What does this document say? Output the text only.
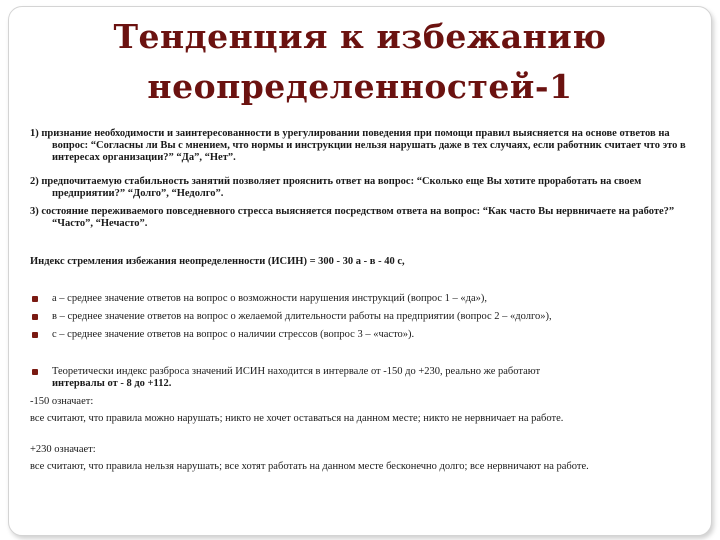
Тенденция к избежанию
неопределенностей-1
1) признание необходимости и заинтересованности в урегулировании поведения при помощи правил выясняется на основе ответов на вопрос: “Согласны ли Вы с мнением, что нормы и инструкции нельзя нарушать даже в тех случаях, если работник считает что это в интересах организации?” “Да”, “Нет”.
2) предпочитаемую стабильность занятий позволяет прояснить ответ на вопрос: “Сколько еще Вы хотите проработать на своем предприятии?” “Долго”, “Недолго”.
3) состояние переживаемого повседневного стресса выясняется посредством ответа на вопрос: “Как часто Вы нервничаете на работе?” “Часто”, “Нечасто”.
Индекс стремления избежания неопределенности (ИСИН) = 300 - 30 а - в - 40 с,
а – среднее значение ответов на вопрос о возможности нарушения инструкций (вопрос 1 – «да»),
в – среднее значение ответов на вопрос о желаемой длительности работы на предприятии (вопрос 2 – «долго»),
с – среднее значение ответов на вопрос о наличии стрессов (вопрос 3 – «часто»).
Теоретически индекс разброса значений ИСИН находится в интервале от -150 до +230, реально же работают
интервалы от - 8 до +112.
-150 означает:
все считают, что правила можно нарушать; никто не хочет оставаться на данном месте; никто не нервничает на работе.
+230 означает:
все считают, что правила нельзя нарушать; все хотят работать на данном месте бесконечно долго; все нервничают на работе.
